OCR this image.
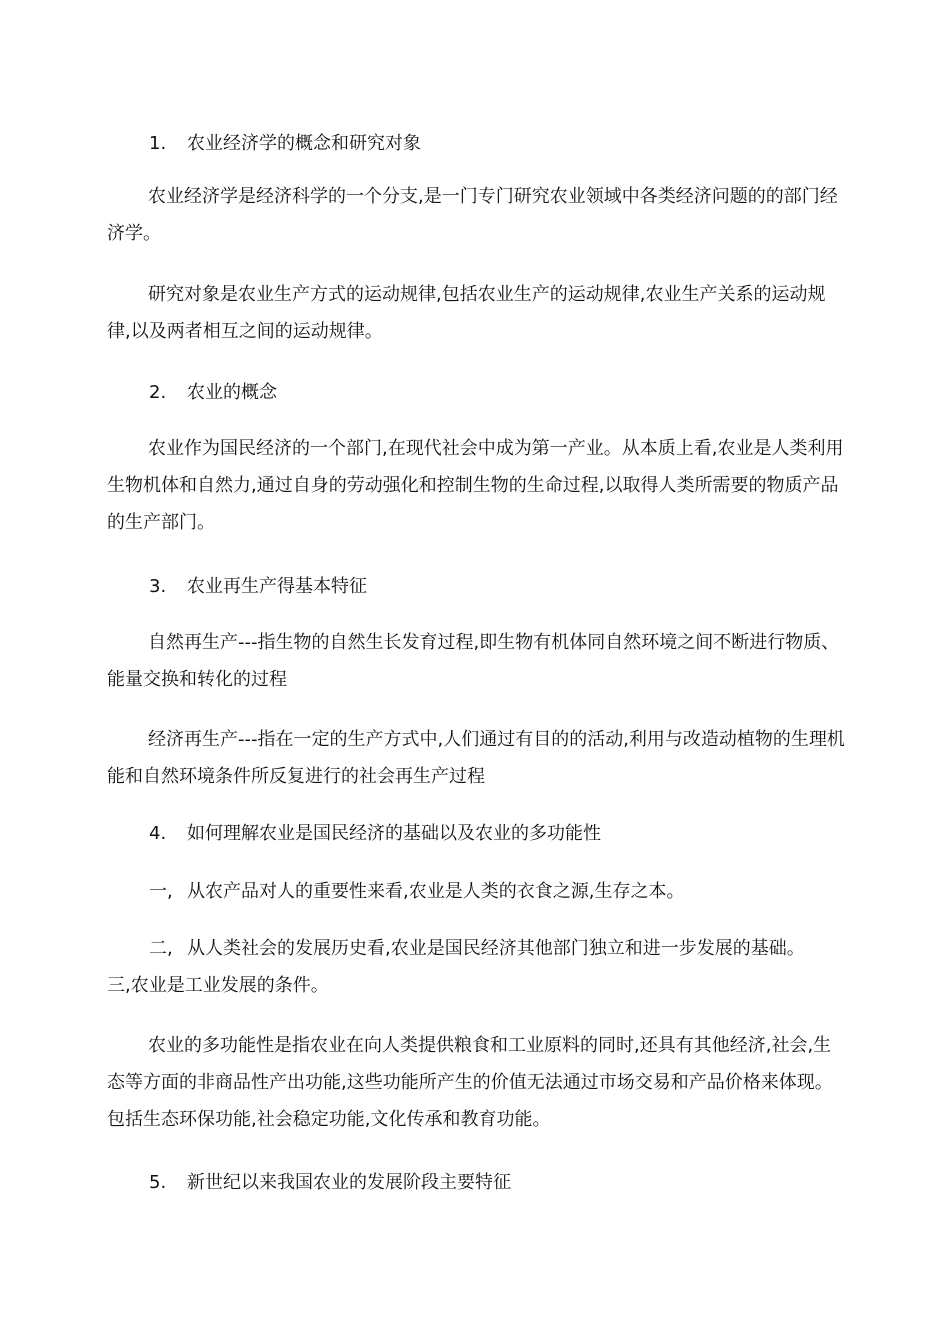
1. 农业经济学的概念和研究对象

农业经济学是经济科学的一个分支,是一门专门研究农业领域中各类经济问题的的部门经济学。

研究对象是农业生产方式的运动规律,包括农业生产的运动规律,农业生产关系的运动规律,以及两者相互之间的运动规律。

2. 农业的概念

农业作为国民经济的一个部门,在现代社会中成为第一产业。从本质上看,农业是人类利用生物机体和自然力,通过自身的劳动强化和控制生物的生命过程,以取得人类所需要的物质产品的生产部门。

3. 农业再生产得基本特征

自然再生产---指生物的自然生长发育过程,即生物有机体同自然环境之间不断进行物质、能量交换和转化的过程

经济再生产---指在一定的生产方式中,人们通过有目的的活动,利用与改造动植物的生理机能和自然环境条件所反复进行的社会再生产过程

4. 如何理解农业是国民经济的基础以及农业的多功能性

一, 从农产品对人的重要性来看,农业是人类的衣食之源,生存之本。

二, 从人类社会的发展历史看,农业是国民经济其他部门独立和进一步发展的基础。

三,农业是工业发展的条件。

农业的多功能性是指农业在向人类提供粮食和工业原料的同时,还具有其他经济,社会,生态等方面的非商品性产出功能,这些功能所产生的价值无法通过市场交易和产品价格来体现。包括生态环保功能,社会稳定功能,文化传承和教育功能。

5. 新世纪以来我国农业的发展阶段主要特征
